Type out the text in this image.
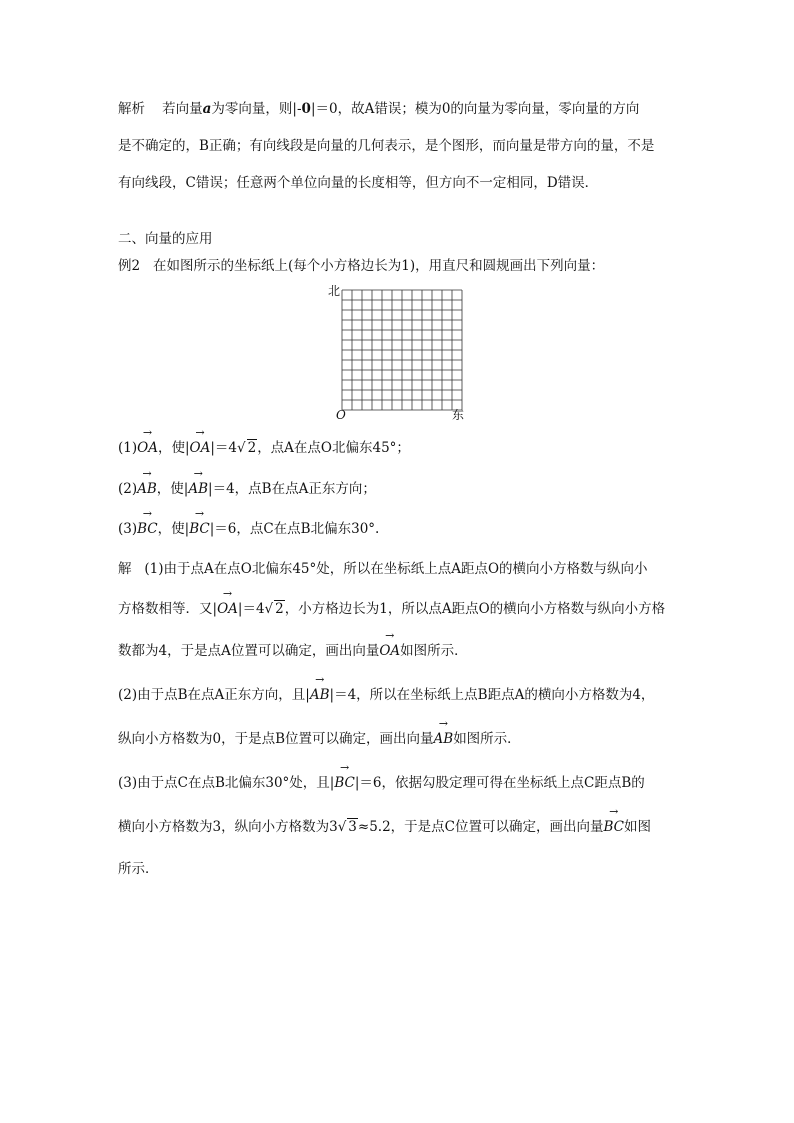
解析 若向量a为零向量，则|-0|＝0，故A错误；模为0的向量为零向量，零向量的方向
是不确定的，B正确；有向线段是向量的几何表示，是个图形，而向量是带方向的量，不是
有向线段，C错误；任意两个单位向量的长度相等，但方向不一定相同，D错误．
二、向量的应用
例2 在如图所示的坐标纸上(每个小方格边长为1)，用直尺和圆规画出下列向量：
北
O	东
(1)→ OA，使|→ OA|＝4√ 2，点A在点O北偏东45°；
(2)→ AB，使|→ AB|＝4，点B在点A正东方向；
(3)→ BC，使|→ BC|＝6，点C在点B北偏东30°.
解 (1)由于点A在点O北偏东45°处，所以在坐标纸上点A距点O的横向小方格数与纵向小
方格数相等．又|→ OA|＝4√ 2，小方格边长为1，所以点A距点O的横向小方格数与纵向小方格
数都为4，于是点A位置可以确定，画出向量→ OA如图所示．
(2)由于点B在点A正东方向，且|→ AB|＝4，所以在坐标纸上点B距点A的横向小方格数为4，
纵向小方格数为0，于是点B位置可以确定，画出向量→ AB如图所示．
(3)由于点C在点B北偏东30°处，且|→ BC|＝6，依据勾股定理可得在坐标纸上点C距点B的
横向小方格数为3，纵向小方格数为3√ 3≈5.2，于是点C位置可以确定，画出向量→ BC如图
所示．
